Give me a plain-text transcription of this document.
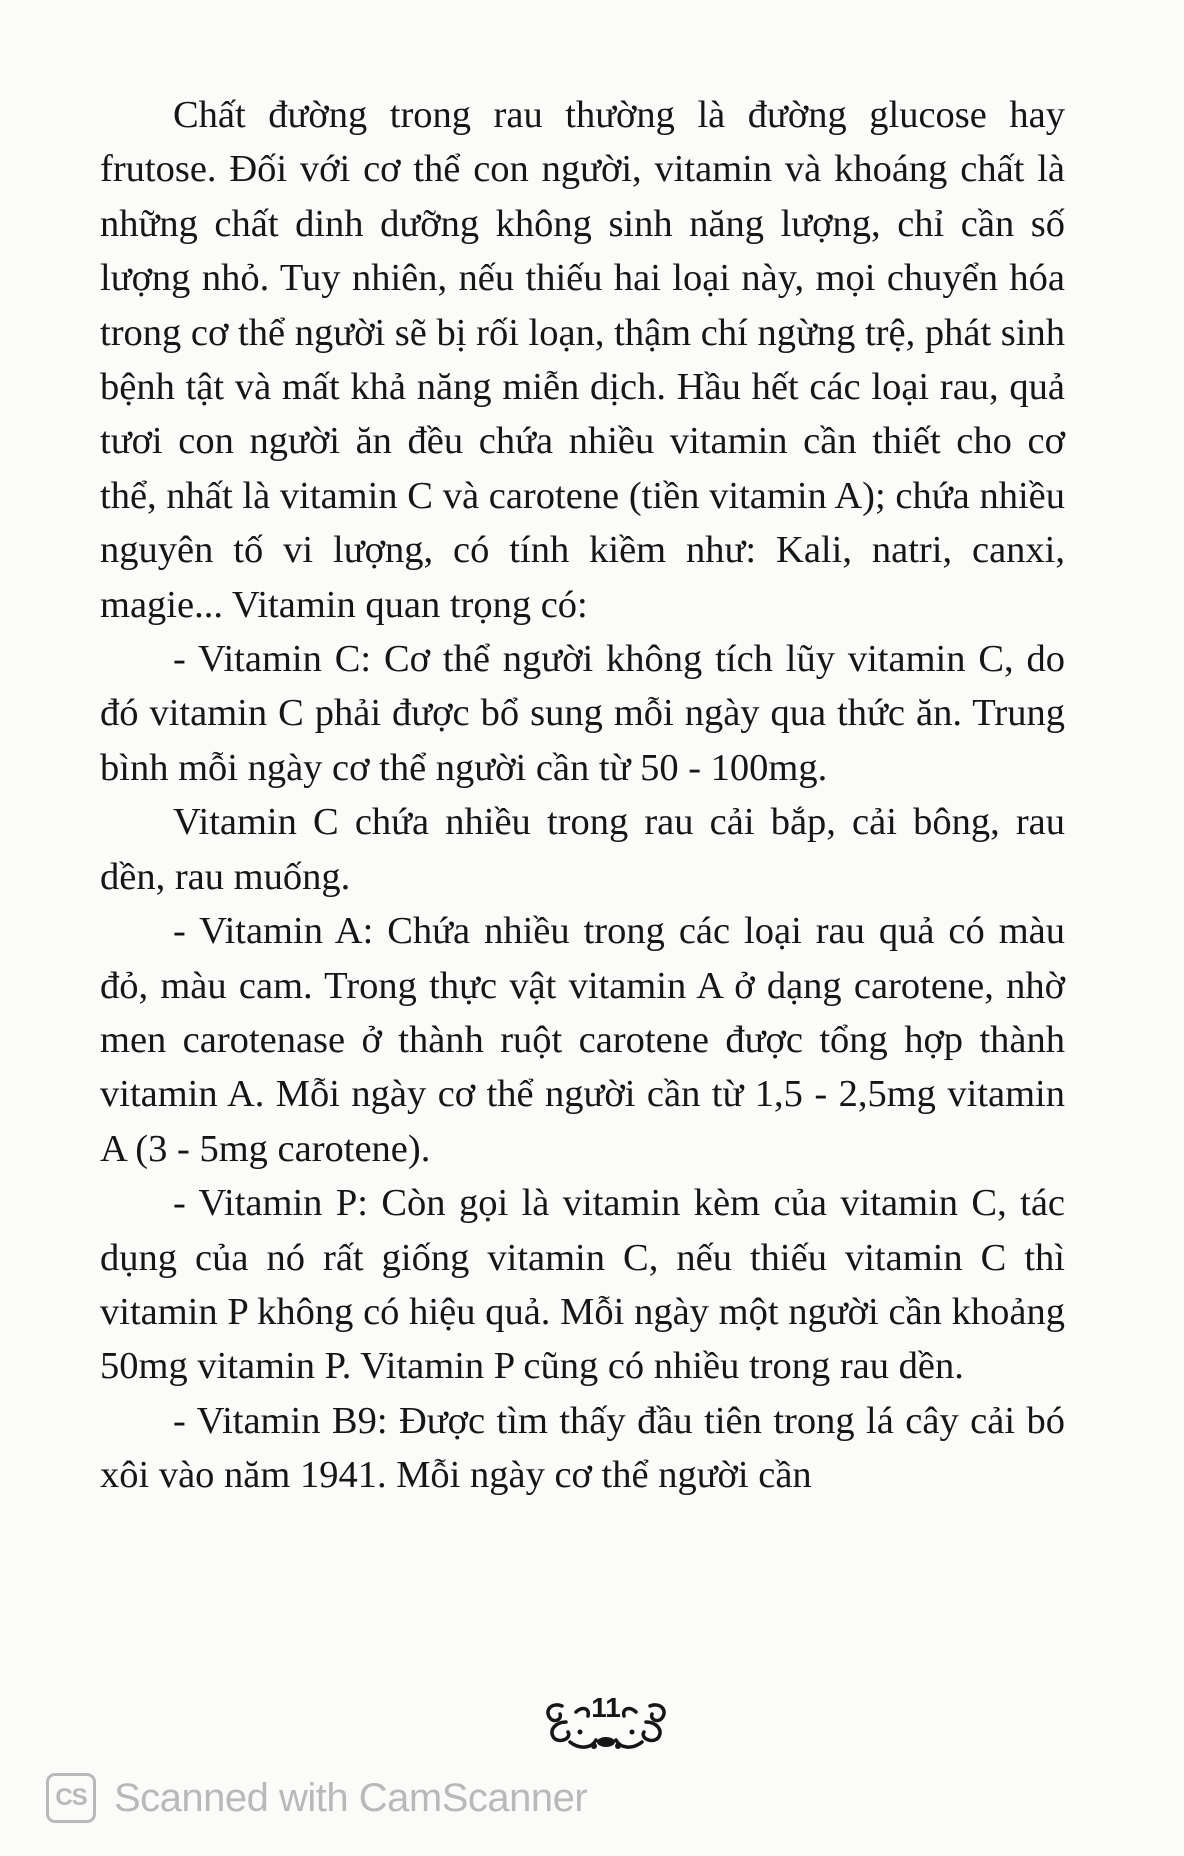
Chất đường trong rau thường là đường glucose hay frutose. Đối với cơ thể con người, vitamin và khoáng chất là những chất dinh dưỡng không sinh năng lượng, chỉ cần số lượng nhỏ. Tuy nhiên, nếu thiếu hai loại này, mọi chuyển hóa trong cơ thể người sẽ bị rối loạn, thậm chí ngừng trệ, phát sinh bệnh tật và mất khả năng miễn dịch. Hầu hết các loại rau, quả tươi con người ăn đều chứa nhiều vitamin cần thiết cho cơ thể, nhất là vitamin C và carotene (tiền vitamin A); chứa nhiều nguyên tố vi lượng, có tính kiềm như: Kali, natri, canxi, magie... Vitamin quan trọng có:

- Vitamin C: Cơ thể người không tích lũy vitamin C, do đó vitamin C phải được bổ sung mỗi ngày qua thức ăn. Trung bình mỗi ngày cơ thể người cần từ 50 - 100mg.

Vitamin C chứa nhiều trong rau cải bắp, cải bông, rau dền, rau muống.

- Vitamin A: Chứa nhiều trong các loại rau quả có màu đỏ, màu cam. Trong thực vật vitamin A ở dạng carotene, nhờ men carotenase ở thành ruột carotene được tổng hợp thành vitamin A. Mỗi ngày cơ thể người cần từ 1,5 - 2,5mg vitamin A (3 - 5mg carotene).

- Vitamin P: Còn gọi là vitamin kèm của vitamin C, tác dụng của nó rất giống vitamin C, nếu thiếu vitamin C thì vitamin P không có hiệu quả. Mỗi ngày một người cần khoảng 50mg vitamin P. Vitamin P cũng có nhiều trong rau dền.

- Vitamin B9: Được tìm thấy đầu tiên trong lá cây cải bó xôi vào năm 1941. Mỗi ngày cơ thể người cần

11
CS Scanned with CamScanner
